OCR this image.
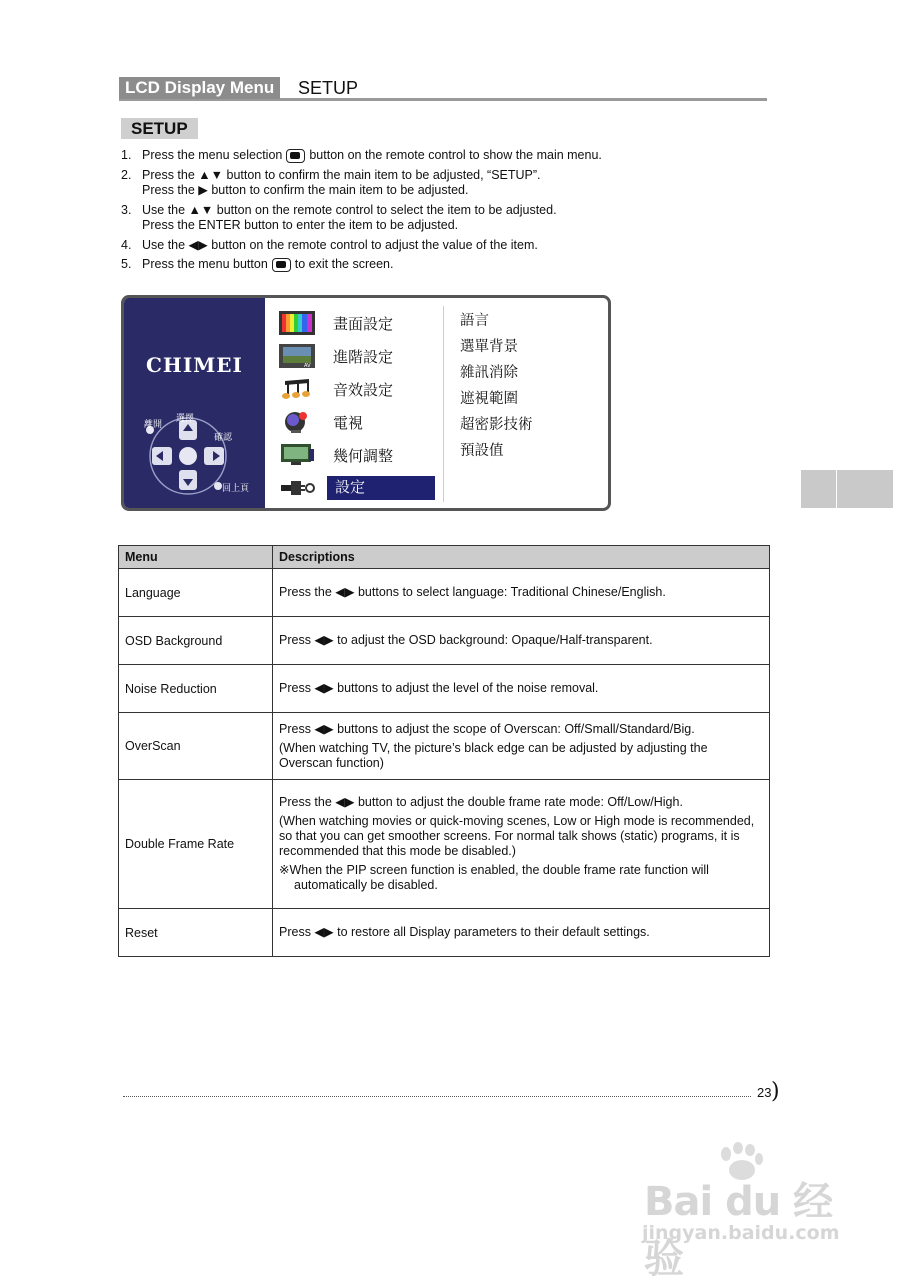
LCD Display Menu	SETUP
SETUP
1. Press the menu selection button on the remote control to show the main menu.
2. Press the ▲▼ button to confirm the main item to be adjusted, “SETUP”.
Press the ▶ button to confirm the main item to be adjusted.
3. Use the ▲▼ button on the remote control to select the item to be adjusted.
Press the ENTER button to enter the item to be adjusted.
4. Use the ◀▶ button on the remote control to adjust the value of the item.
5. Press the menu button to exit the screen.
CHIMEI
離開
選擇
確認
回上頁
畫面設定
AV
進階設定
音效設定
電視
幾何調整
設定
語言
選單背景
雜訊消除
遮視範圍
超密影技術
預設值
Menu	Descriptions
Language	Press the ◀▶ buttons to select language: Traditional Chinese/English.

OSD Background	Press ◀▶ to adjust the OSD background: Opaque/Half-transparent.

Noise Reduction	Press ◀▶ buttons to adjust the level of the noise removal.

OverScan	Press ◀▶ buttons to adjust the scope of Overscan: Off/Small/Standard/Big.

(When watching TV, the picture’s black edge can be adjusted by adjusting the Overscan function)

Double Frame Rate	Press the ◀▶ button to adjust the double frame rate mode: Off/Low/High.

(When watching movies or quick-moving scenes, Low or High mode is recommended, so that you can get smoother screens. For normal talk shows (static) programs, it is recommended that this mode be disabled.)

※When the PIP screen function is enabled, the double frame rate function will automatically be disabled.

Reset	Press ◀▶ to restore all Display parameters to their default settings.

23 )
Bai du 经验
jingyan.baidu.com
